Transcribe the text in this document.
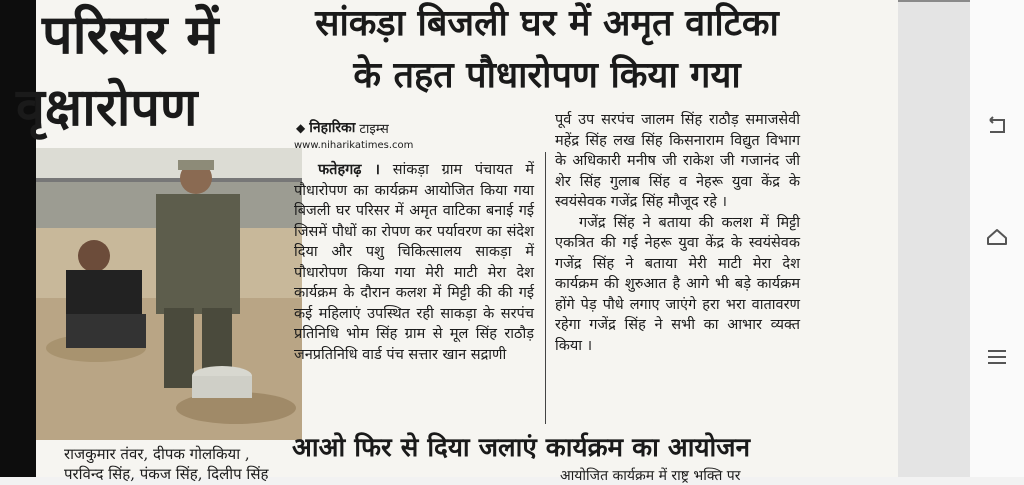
परिसर में
वृक्षारोपण
राजकुमार तंवर, दीपक गोलकिया ,
परविन्द सिंह, पंकज सिंह, दिलीप सिंह
सांकड़ा बिजली घर में अमृत वाटिका
के तहत पौधारोपण किया गया
◆ निहारिका टाइम्स
www.niharikatimes.com

फतेहगढ़ । सांकड़ा ग्राम पंचायत में पौधारोपण का कार्यक्रम आयोजित किया गया बिजली घर परिसर में अमृत वाटिका बनाई गई जिसमें पौधों का रोपण कर पर्यावरण का संदेश दिया और पशु चिकित्सालय साकड़ा में पौधारोपण किया गया मेरी माटी मेरा देश कार्यक्रम के दौरान कलश में मिट्टी की की गई कई महिलाएं उपस्थित रही साकड़ा के सरपंच प्रतिनिधि भोम सिंह ग्राम से मूल सिंह राठौड़ जनप्रतिनिधि वार्ड पंच सत्तार खान सद्राणी

पूर्व उप सरपंच जालम सिंह राठौड़ समाजसेवी महेंद्र सिंह लख सिंह किसनाराम विद्युत विभाग के अधिकारी मनीष जी राकेश जी गजानंद जी शेर सिंह गुलाब सिंह व नेहरू युवा केंद्र के स्वयंसेवक गजेंद्र सिंह मौजूद रहे ।

गजेंद्र सिंह ने बताया की कलश में मिट्टी एकत्रित की गई नेहरू युवा केंद्र के स्वयंसेवक गजेंद्र सिंह ने बताया मेरी माटी मेरा देश कार्यक्रम की शुरुआत है आगे भी बड़े कार्यक्रम होंगे पेड़ पौधे लगाए जाएंगे हरा भरा वातावरण रहेगा गजेंद्र सिंह ने सभी का आभार व्यक्त किया ।

आओ फिर से दिया जलाएं कार्यक्रम का आयोजन
आयोजित कार्यक्रम में राष्ट्र भक्ति पर
